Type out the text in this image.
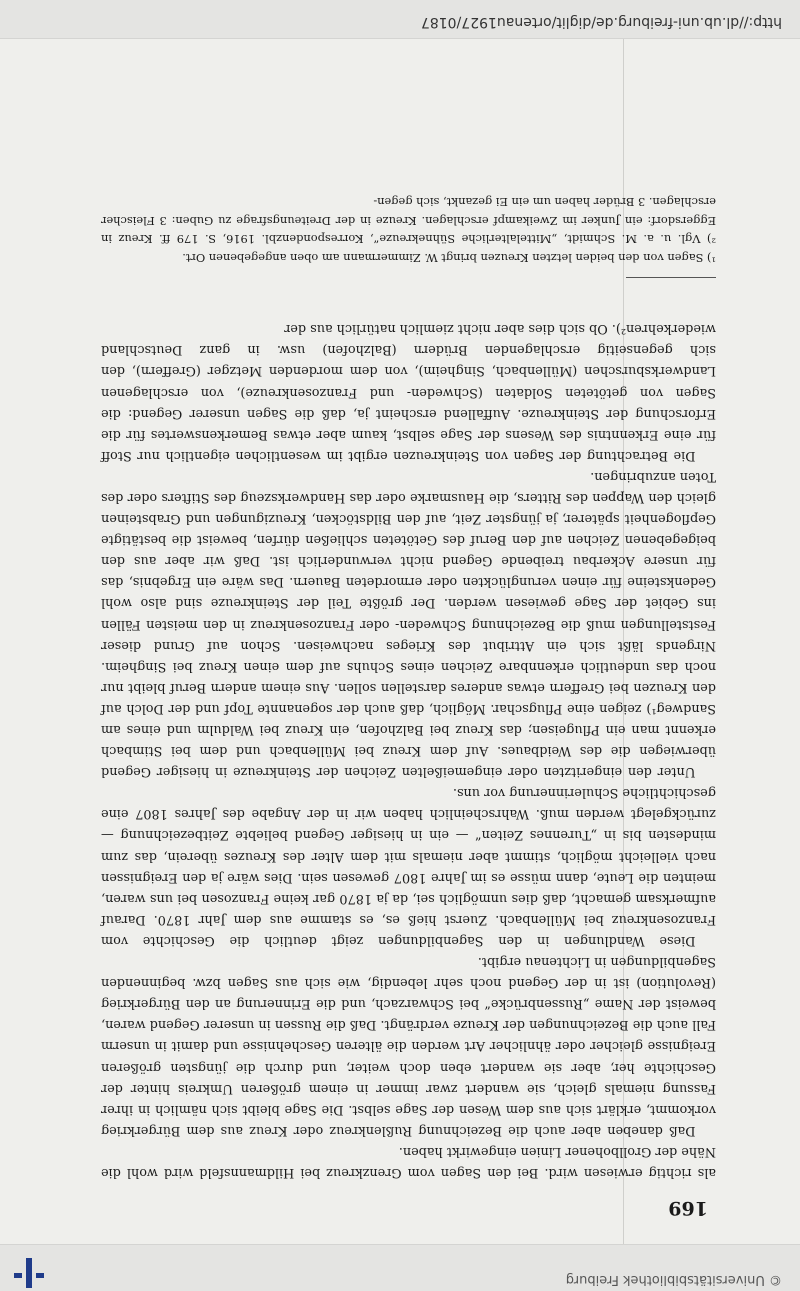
169

als richtig erwiesen wird. Bei den Sagen vom Grenzkreuz bei Hildmannsfeld wird wohl die Nähe der Grollbohener Linien eingewirkt haben.

Daß daneben aber auch die Bezeichnung Rußlenkreuz oder Kreuz aus dem Bürgerkrieg vorkommt, erklärt sich aus dem Wesen der Sage selbst. Die Sage bleibt sich nämlich in ihrer Fassung niemals gleich, sie wandert zwar immer in einem größeren Umkreis hinter der Geschichte her, aber sie wandert eben doch weiter, und durch die jüngsten größeren Ereignisse gleicher oder ähnlicher Art werden die älteren Geschehnisse und damit in unserm Fall auch die Bezeichnungen der Kreuze verdrängt. Daß die Russen in unserer Gegend waren, beweist der Name „Russenbrücke“ bei Schwarzach, und die Erinnerung an den Bürgerkrieg (Revolution) ist in der Gegend noch sehr lebendig, wie sich aus Sagen bzw. beginnenden Sagenbildungen in Lichtenau ergibt.

Diese Wandlungen in den Sagenbildungen zeigt deutlich die Geschichte vom Franzosenkreuz bei Müllenbach. Zuerst hieß es, es stamme aus dem Jahr 1870. Darauf aufmerksam gemacht, daß dies unmöglich sei, da ja 1870 gar keine Franzosen bei uns waren, meinten die Leute, dann müsse es im Jahre 1807 gewesen sein. Dies wäre ja den Ereignissen nach vielleicht möglich, stimmt aber niemals mit dem Alter des Kreuzes überein, das zum mindesten bis in „Turennes Zeiten“ — ein in hiesiger Gegend beliebte Zeitbezeichnung — zurückgelegt werden muß. Wahrscheinlich haben wir in der Angabe des Jahres 1807 eine geschichtliche Schulerinnerung vor uns.

Unter den eingeritzten oder eingemeißelten Zeichen der Steinkreuze in hiesiger Gegend überwiegen die des Weidbaues. Auf dem Kreuz bei Müllenbach und dem bei Stimbach erkennt man ein Pflugeisen; das Kreuz bei Balzhofen, ein Kreuz bei Waldulm und eines am Sandweg¹) zeigen eine Pflugschar. Möglich, daß auch der sogenannte Topf und der Dolch auf den Kreuzen bei Greffern etwas anderes darstellen sollen. Aus einem andern Beruf bleibt nur noch das undeutlich erkennbare Zeichen eines Schuhs auf dem einen Kreuz bei Singheim. Nirgends läßt sich ein Attribut des Krieges nachweisen. Schon auf Grund dieser Feststellungen muß die Bezeichnung Schweden- oder Franzosenkreuz in den meisten Fällen ins Gebiet der Sage gewiesen werden. Der größte Teil der Steinkreuze sind also wohl Gedenksteine für einen verunglückten oder ermordeten Bauern. Das wäre ein Ergebnis, das für unsere Ackerbau treibende Gegend nicht verwunderlich ist. Daß wir aber aus den beigegebenen Zeichen auf den Beruf des Getöteten schließen dürfen, beweist die bestätigte Gepflogenheit späterer, ja jüngster Zeit, auf den Bildstöcken, Kreuzigungen und Grabsteinen gleich den Wappen des Ritters, die Hausmarke oder das Handwerkszeug des Stifters oder des Toten anzubringen.

Die Betrachtung der Sagen von Steinkreuzen ergibt im wesentlichen eigentlich nur Stoff für eine Erkenntnis des Wesens der Sage selbst, kaum aber etwas Bemerkenswertes für die Erforschung der Steinkreuze. Auffallend erscheint ja, daß die Sagen unserer Gegend: die Sagen von getöteten Soldaten (Schweden- und Franzosenkreuze), von erschlagenen Landwerksburschen (Müllenbach, Singheim), von dem mordenden Metzger (Greffern), den sich gegenseitig erschlagenden Brüdern (Balzhofen) usw. in ganz Deutschland wiederkehren²). Ob sich dies aber nicht ziemlich natürlich aus der

¹) Sagen von den beiden letzten Kreuzen bringt W. Zimmermann am oben angegebenen Ort.

²) Vgl. u. a. M. Schmidt, „Mittelalterliche Sühnekreuze“, Korrespondenzbl. 1916, S. 179 ff. Kreuz in Eggersdorf: ein Junker im Zweikampf erschlagen. Kreuze in der Dreiteungsfrage zu Guben: 3 Fleischer erschlagen. 3 Brüder haben um ein Ei gezankt, sich gegen-

http://dl.ub.uni-freiburg.de/diglit/ortenau1927/0187
© Universitätsbibliothek Freiburg
